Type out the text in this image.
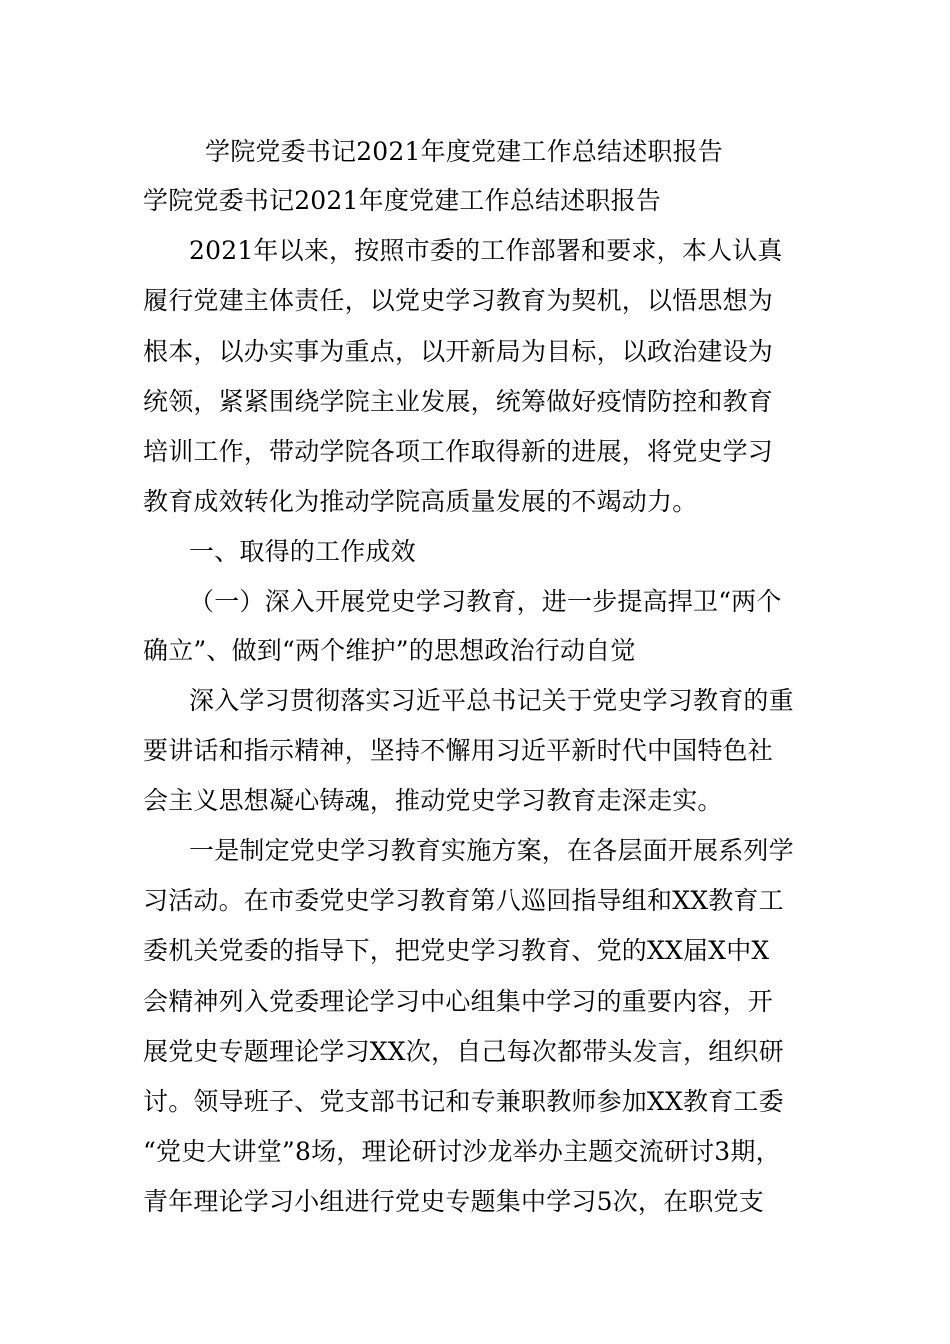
学院党委书记2021年度党建工作总结述职报告
学院党委书记2021年度党建工作总结述职报告
2021年以来，按照市委的工作部署和要求，本人认真
履行党建主体责任，以党史学习教育为契机，以悟思想为
根本，以办实事为重点，以开新局为目标，以政治建设为
统领，紧紧围绕学院主业发展，统筹做好疫情防控和教育
培训工作，带动学院各项工作取得新的进展，将党史学习
教育成效转化为推动学院高质量发展的不竭动力。
一、取得的工作成效
（一）深入开展党史学习教育，进一步提高捍卫“两个
确立”、做到“两个维护”的思想政治行动自觉
深入学习贯彻落实习近平总书记关于党史学习教育的重
要讲话和指示精神，坚持不懈用习近平新时代中国特色社
会主义思想凝心铸魂，推动党史学习教育走深走实。
一是制定党史学习教育实施方案，在各层面开展系列学
习活动。在市委党史学习教育第八巡回指导组和XX教育工
委机关党委的指导下，把党史学习教育、党的XX届X中X
会精神列入党委理论学习中心组集中学习的重要内容，开
展党史专题理论学习XX次，自己每次都带头发言，组织研
讨。领导班子、党支部书记和专兼职教师参加XX教育工委
“党史大讲堂”8场，理论研讨沙龙举办主题交流研讨3期，
青年理论学习小组进行党史专题集中学习5次，在职党支
